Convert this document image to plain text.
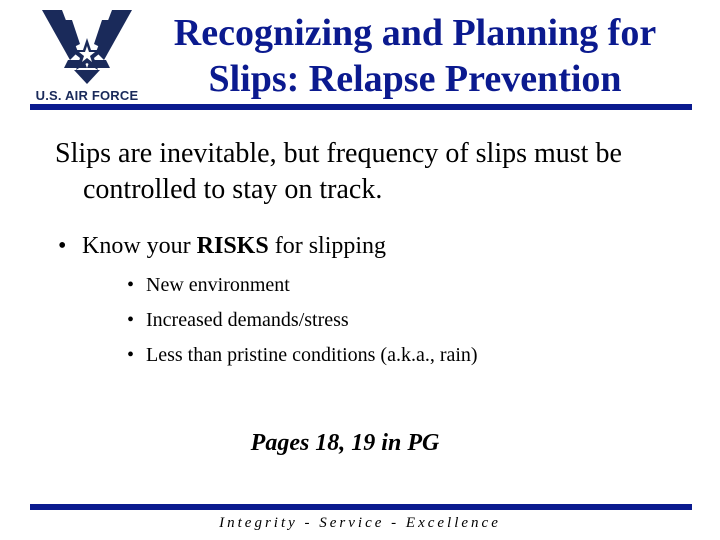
U.S. AIR FORCE
Recognizing and Planning for
Slips: Relapse Prevention
Slips are inevitable, but frequency of slips must be controlled to stay on track.
• Know your RISKS for slipping
• New environment
• Increased demands/stress
• Less than pristine conditions (a.k.a., rain)
Pages 18, 19 in PG
Integrity - Service - Excellence
